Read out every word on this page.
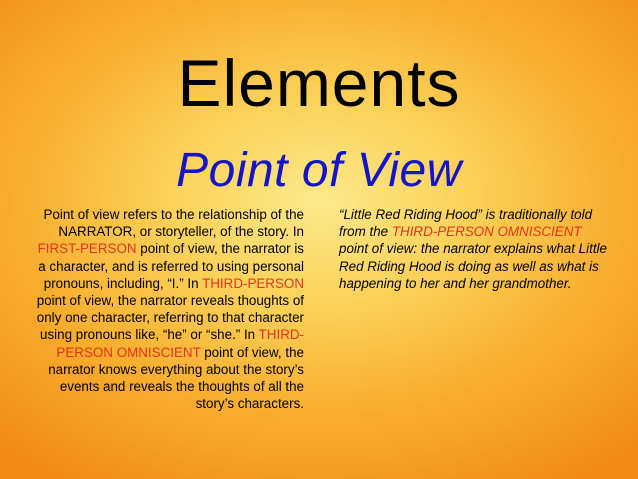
Elements
Point of View
Point of view refers to the relationship of the NARRATOR, or storyteller, of the story. In FIRST-PERSON point of view, the narrator is a character, and is referred to using personal pronouns, including, “I.” In THIRD-PERSON point of view, the narrator reveals thoughts of only one character, referring to that character using pronouns like, “he” or “she.” In THIRD-PERSON OMNISCIENT point of view, the narrator knows everything about the story’s events and reveals the thoughts of all the story’s characters.
“Little Red Riding Hood” is traditionally told from the THIRD-PERSON OMNISCIENT point of view: the narrator explains what Little Red Riding Hood is doing as well as what is happening to her and her grandmother.
